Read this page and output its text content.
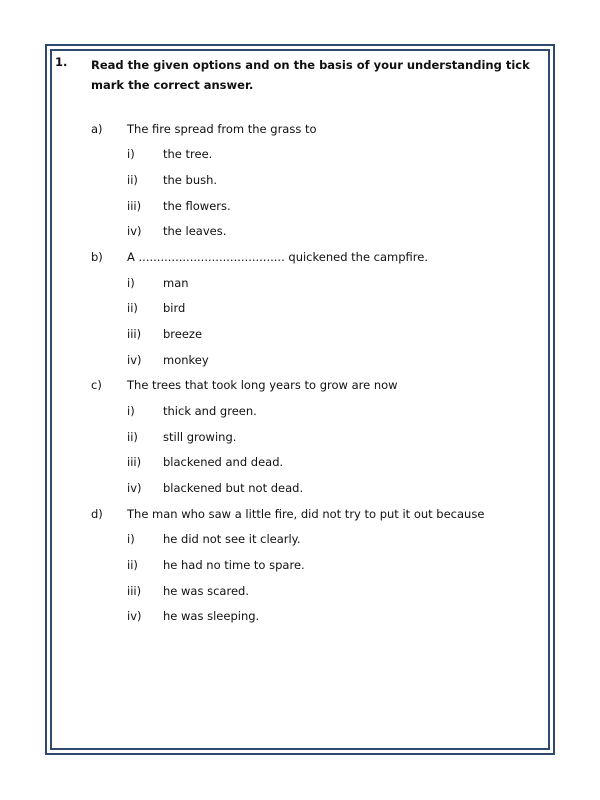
1. Read the given options and on the basis of your understanding tick mark the correct answer.
a) The fire spread from the grass to
i) the tree.
ii) the bush.
iii) the flowers.
iv) the leaves.
b) A ........................................ quickened the campfire.
i) man
ii) bird
iii) breeze
iv) monkey
c) The trees that took long years to grow are now
i) thick and green.
ii) still growing.
iii) blackened and dead.
iv) blackened but not dead.
d) The man who saw a little fire, did not try to put it out because
i) he did not see it clearly.
ii) he had no time to spare.
iii) he was scared.
iv) he was sleeping.
